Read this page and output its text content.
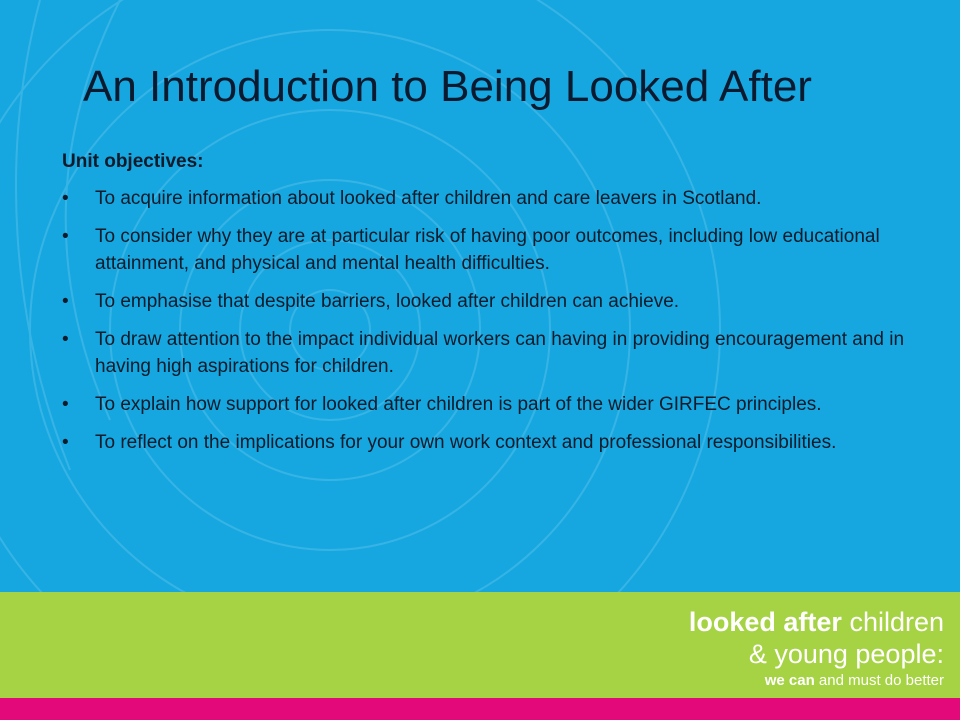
An Introduction to Being Looked After
Unit objectives:
• To acquire information about looked after children and care leavers in Scotland.
• To consider why they are at particular risk of having poor outcomes, including low educational attainment, and physical and mental health difficulties.
• To emphasise that despite barriers, looked after children can achieve.
• To draw attention to the impact individual workers can having in providing encouragement and in having high aspirations for children.
• To explain how support for looked after children is part of the wider GIRFEC principles.
• To reflect on the implications for your own work context and professional responsibilities.
looked after children
& young people:
we can and must do better
